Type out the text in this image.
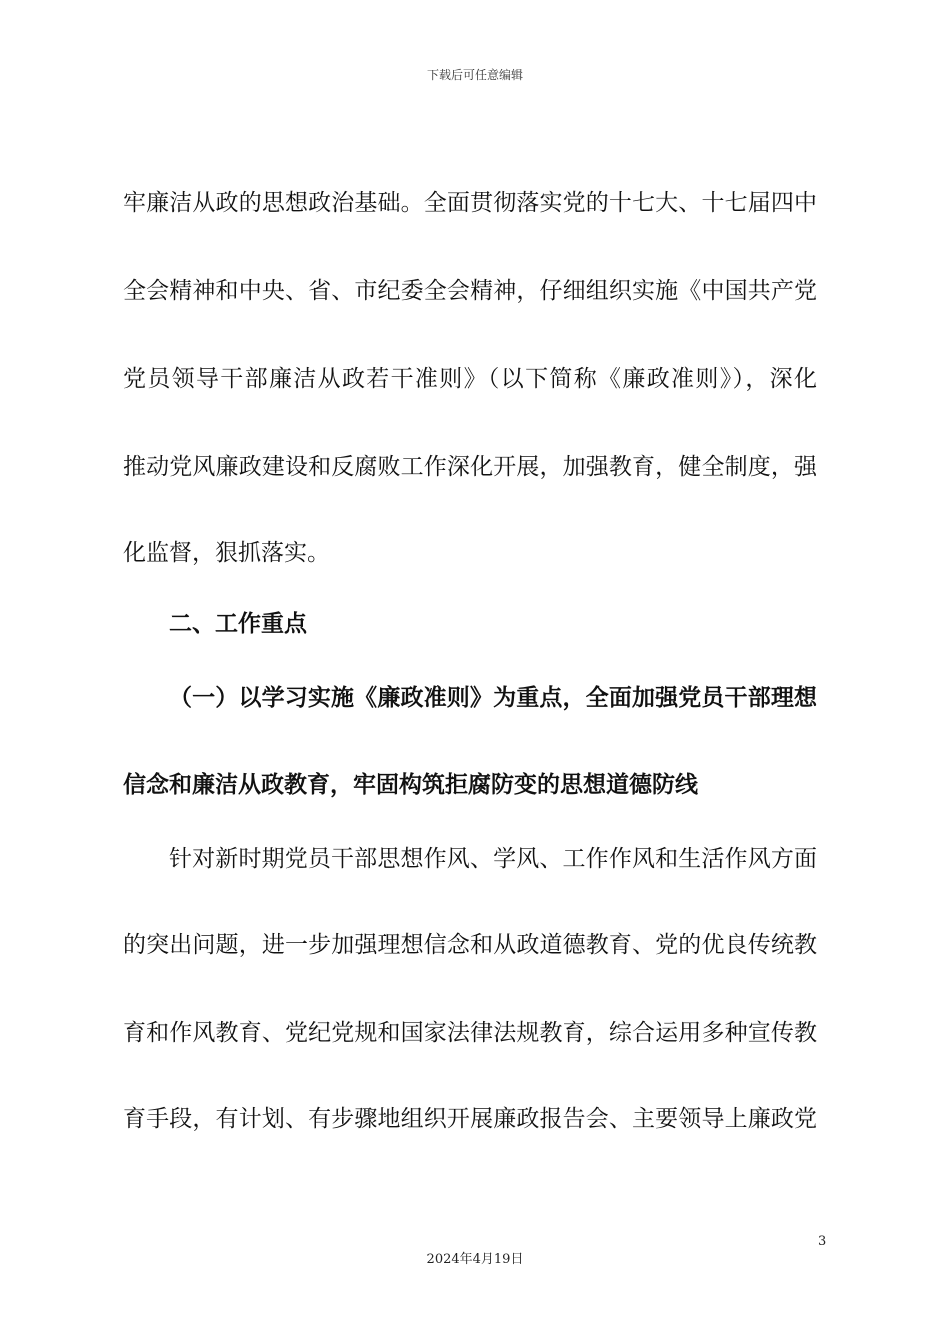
下载后可任意编辑
牢廉洁从政的思想政治基础。全面贯彻落实党的十七大、十七届四中
全会精神和中央、省、市纪委全会精神，仔细组织实施《中国共产党
党员领导干部廉洁从政若干准则》（以下简称《廉政准则》），深化
推动党风廉政建设和反腐败工作深化开展，加强教育，健全制度，强
化监督，狠抓落实。
二、工作重点
（一）以学习实施《廉政准则》为重点，全面加强党员干部理想
信念和廉洁从政教育，牢固构筑拒腐防变的思想道德防线
针对新时期党员干部思想作风、学风、工作作风和生活作风方面
的突出问题，进一步加强理想信念和从政道德教育、党的优良传统教
育和作风教育、党纪党规和国家法律法规教育，综合运用多种宣传教
育手段，有计划、有步骤地组织开展廉政报告会、主要领导上廉政党
3
2024年4月19日
